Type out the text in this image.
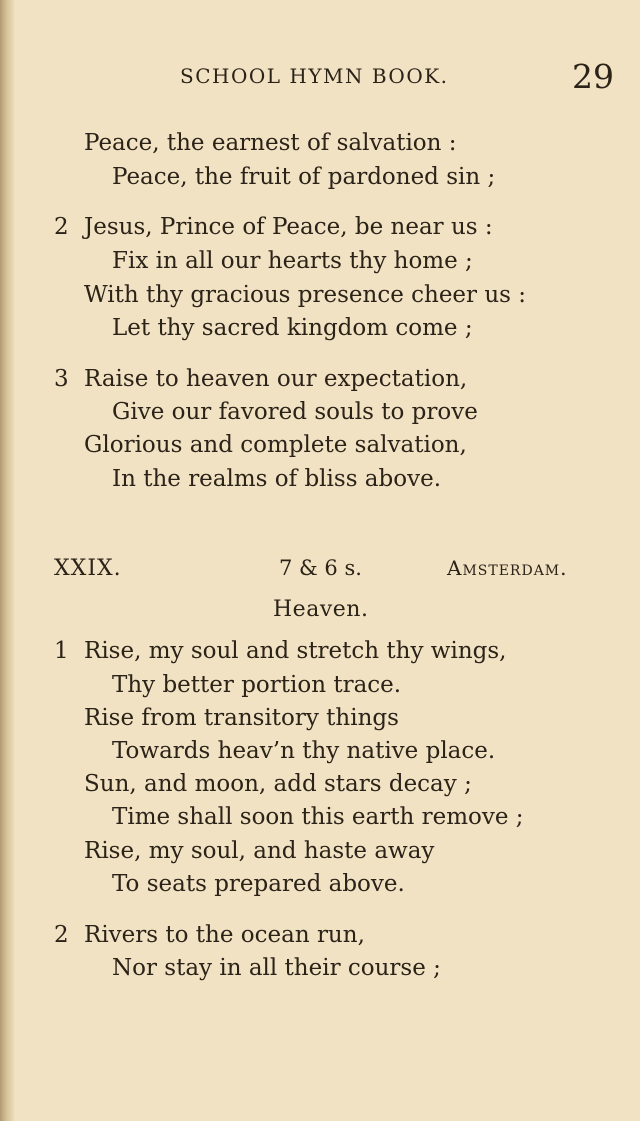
SCHOOL HYMN BOOK.	29
Peace, the earnest of salvation :
Peace, the fruit of pardoned sin ;
2 Jesus, Prince of Peace, be near us :
Fix in all our hearts thy home ;
With thy gracious presence cheer us :
Let thy sacred kingdom come ;
3 Raise to heaven our expectation,
Give our favored souls to prove
Glorious and complete salvation,
In the realms of bliss above.
XXIX.	7 & 6 s.	Amsterdam.
Heaven.
1 Rise, my soul and stretch thy wings,
Thy better portion trace.
Rise from transitory things
Towards heav’n thy native place.
Sun, and moon, add stars decay ;
Time shall soon this earth remove ;
Rise, my soul, and haste away
To seats prepared above.
2 Rivers to the ocean run,
Nor stay in all their course ;
